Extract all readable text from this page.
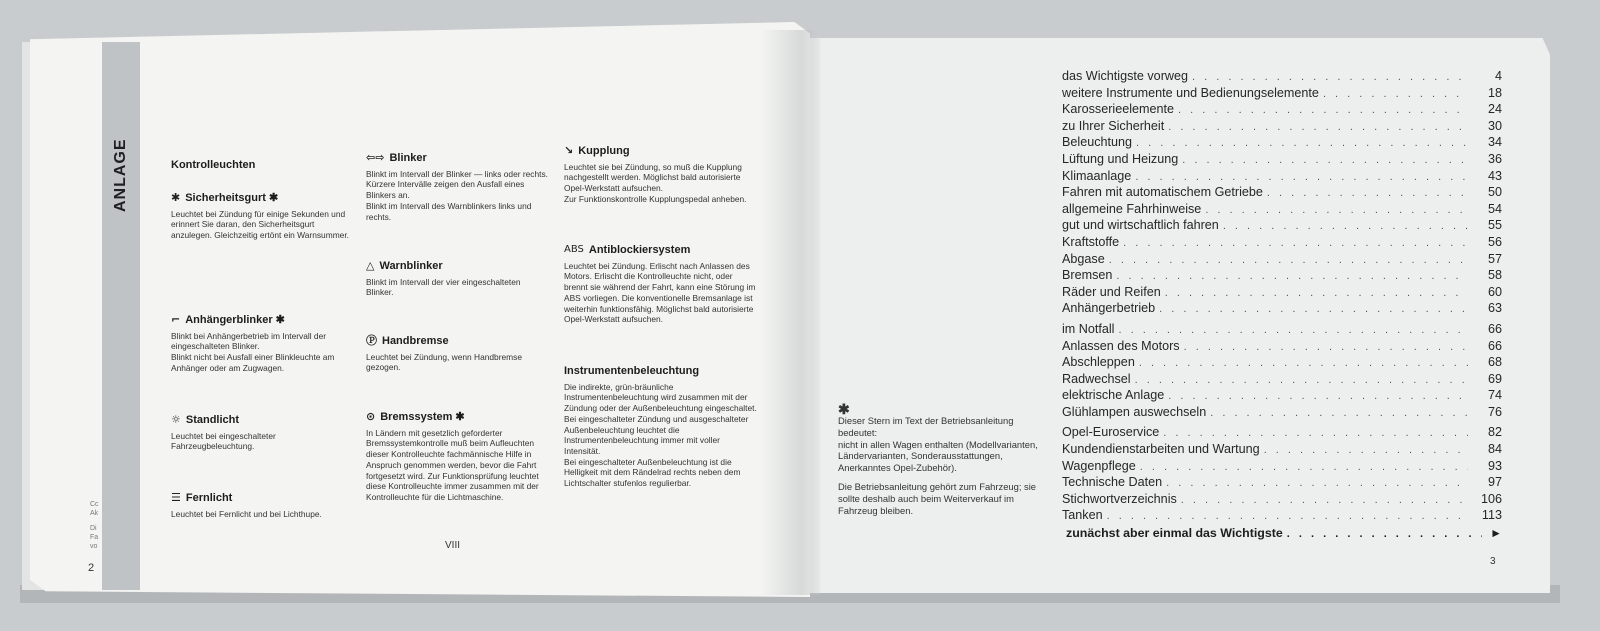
ANLAGE
Cc
Ak
Di
Fa
vo
2
VIII
Kontrolleuchten
✱ Sicherheitsgurt ✱

Leuchtet bei Zündung für einige Sekunden und erinnert Sie daran, den Sicherheitsgurt anzulegen. Gleichzeitig ertönt ein Warnsummer.

⌐ Anhängerblinker ✱

Blinkt bei Anhängerbetrieb im Intervall der eingeschalteten Blinker.
Blinkt nicht bei Ausfall einer Blinkleuchte am Anhänger oder am Zugwagen.

☼ Standlicht

Leuchtet bei eingeschalteter Fahrzeugbeleuchtung.

☰ Fernlicht

Leuchtet bei Fernlicht und bei Lichthupe.

⇦⇨ Blinker

Blinkt im Intervall der Blinker — links oder rechts. Kürzere Intervälle zeigen den Ausfall eines Blinkers an.
Blinkt im Intervall des Warnblinkers links und rechts.

△ Warnblinker

Blinkt im Intervall der vier eingeschalteten Blinker.

Ⓟ Handbremse

Leuchtet bei Zündung, wenn Handbremse gezogen.

⊙ Bremssystem ✱

In Ländern mit gesetzlich geforderter Bremssystemkontrolle muß beim Aufleuchten dieser Kontrolleuchte fachmännische Hilfe in Anspruch genommen werden, bevor die Fahrt fortgesetzt wird. Zur Funktionsprüfung leuchtet diese Kontrolleuchte immer zusammen mit der Kontrolleuchte für die Lichtmaschine.

↘ Kupplung

Leuchtet sie bei Zündung, so muß die Kupplung nachgestellt werden. Möglichst bald autorisierte Opel-Werkstatt aufsuchen.
Zur Funktionskontrolle Kupplungspedal anheben.

ABS Antiblockiersystem

Leuchtet bei Zündung. Erlischt nach Anlassen des Motors. Erlischt die Kontrolleuchte nicht, oder brennt sie während der Fahrt, kann eine Störung im ABS vorliegen. Die konventionelle Bremsanlage ist weiterhin funktionsfähig. Möglichst bald autorisierte Opel-Werkstatt aufsuchen.

Instrumentenbeleuchtung

Die indirekte, grün-bräunliche Instrumentenbeleuchtung wird zusammen mit der Zündung oder der Außenbeleuchtung eingeschaltet.
Bei eingeschalteter Zündung und ausgeschalteter Außenbeleuchtung leuchtet die Instrumentenbeleuchtung immer mit voller Intensität.
Bei eingeschalteter Außenbeleuchtung ist die Helligkeit mit dem Rändelrad rechts neben dem Lichtschalter stufenlos regulierbar.

✱

Dieser Stern im Text der Betriebsanleitung bedeutet:
nicht in allen Wagen enthalten (Modellvarianten, Ländervarianten, Sonderausstattungen, Anerkanntes Opel-Zubehör).

Die Betriebsanleitung gehört zum Fahrzeug; sie sollte deshalb auch beim Weiterverkauf im Fahrzeug bleiben.

das Wichtigste vorweg . . .	4
weitere Instrumente und Bedienungselemente . . .	18
Karosserieelemente . . .	24
zu Ihrer Sicherheit . . .	30
Beleuchtung . . .	34
Lüftung und Heizung . . .	36
Klimaanlage . . .	43
Fahren mit automatischem Getriebe . . .	50
allgemeine Fahrhinweise . . .	54
gut und wirtschaftlich fahren . . .	55
Kraftstoffe . . .	56
Abgase . . .	57
Bremsen . . .	58
Räder und Reifen . . .	60
Anhängerbetrieb . . .	63
im Notfall . . .	66
Anlassen des Motors . . .	66
Abschleppen . . .	68
Radwechsel . . .	69
elektrische Anlage . . .	74
Glühlampen auswechseln . . .	76
Opel-Euroservice . . .	82
Kundendienstarbeiten und Wartung . . .	84
Wagenpflege . . .	93
Technische Daten . . .	97
Stichwortverzeichnis . . .	106
Tanken . . .	113
zunächst aber einmal das Wichtigste . . .	►
3
